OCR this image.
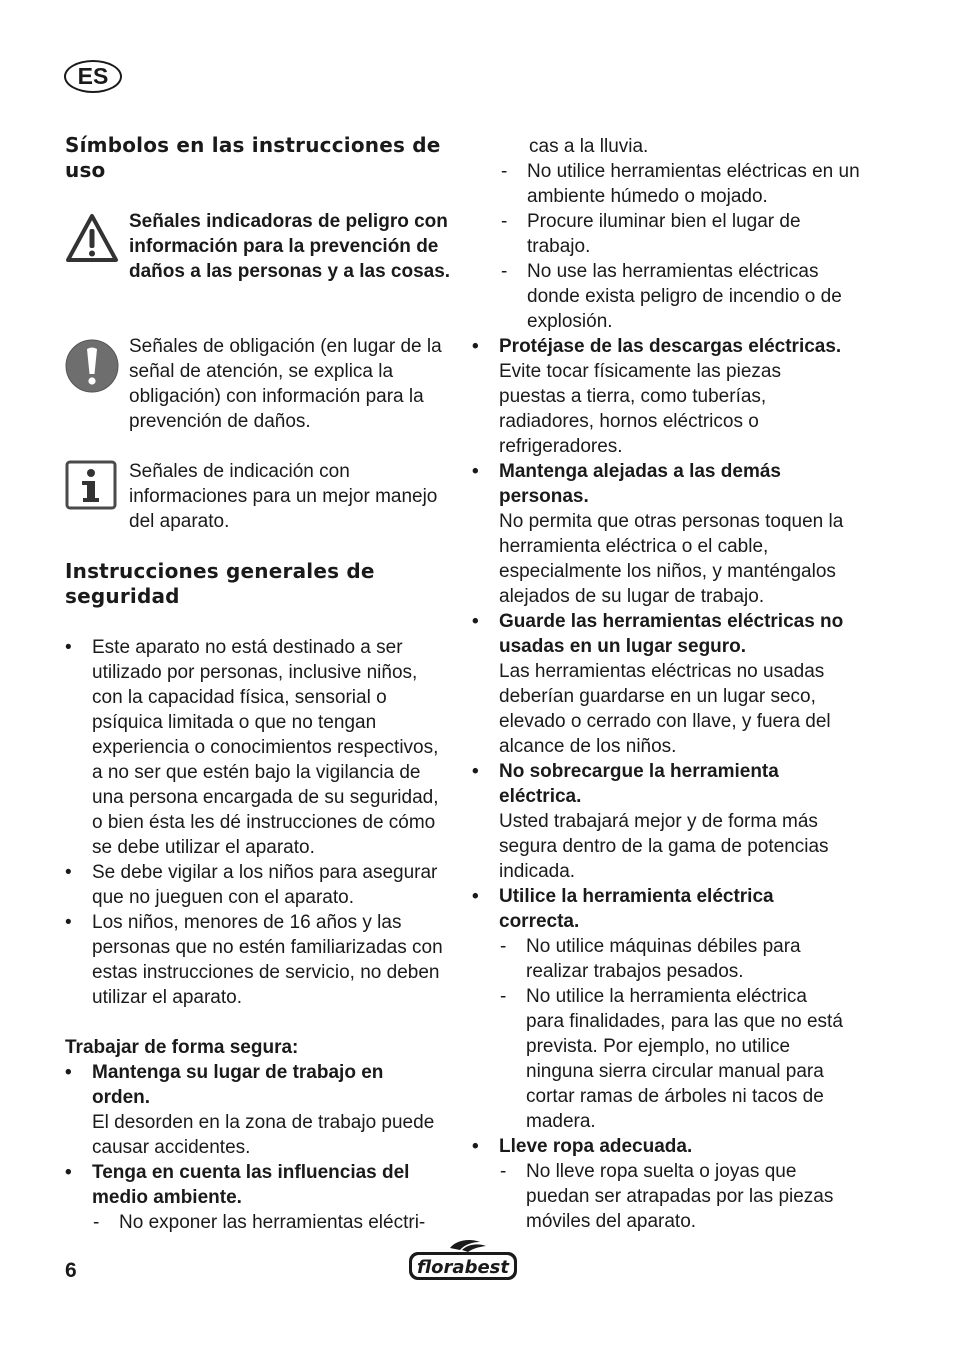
ES
Símbolos en las instrucciones de uso
Señales indicadoras de peligro con información para la prevención de daños a las personas y a las cosas.
Señales de obligación (en lugar de la señal de atención, se explica la obligación) con información para la prevención de daños.
Señales de indicación con informaciones para un mejor manejo del aparato.
Instrucciones generales de seguridad
• Este aparato no está destinado a ser utilizado por personas, inclusive niños, con la capacidad física, sensorial o psíquica limitada o que no tengan experiencia o conocimientos respectivos, a no ser que estén bajo la vigilancia de una persona encargada de su seguridad, o bien ésta les dé instrucciones de cómo se debe utilizar el aparato.
• Se debe vigilar a los niños para asegurar que no jueguen con el aparato.
• Los niños, menores de 16 años y las personas que no estén familiarizadas con estas instrucciones de servicio, no deben utilizar el aparato.
Trabajar de forma segura:
• Mantenga su lugar de trabajo en orden.
El desorden en la zona de trabajo puede causar accidentes.
• Tenga en cuenta las influencias del medio ambiente.
- No exponer las herramientas eléctri-
cas a la lluvia.
- No utilice herramientas eléctricas en un ambiente húmedo o mojado.
- Procure iluminar bien el lugar de trabajo.
- No use las herramientas eléctricas donde exista peligro de incendio o de explosión.
• Protéjase de las descargas eléctricas.
Evite tocar físicamente las piezas puestas a tierra, como tuberías, radiadores, hornos eléctricos o refrigeradores.
• Mantenga alejadas a las demás personas.
No permita que otras personas toquen la herramienta eléctrica o el cable, especialmente los niños, y manténgalos alejados de su lugar de trabajo.
• Guarde las herramientas eléctricas no usadas en un lugar seguro.
Las herramientas eléctricas no usadas deberían guardarse en un lugar seco, elevado o cerrado con llave, y fuera del alcance de los niños.
• No sobrecargue la herramienta eléctrica.
Usted trabajará mejor y de forma más segura dentro de la gama de potencias indicada.
• Utilice la herramienta eléctrica correcta.
- No utilice máquinas débiles para realizar trabajos pesados.
- No utilice la herramienta eléctrica para finalidades, para las que no está prevista. Por ejemplo, no utilice ninguna sierra circular manual para cortar ramas de árboles ni tacos de madera.
• Lleve ropa adecuada.
- No lleve ropa suelta o joyas que puedan ser atrapadas por las piezas móviles del aparato.
6	florabest
